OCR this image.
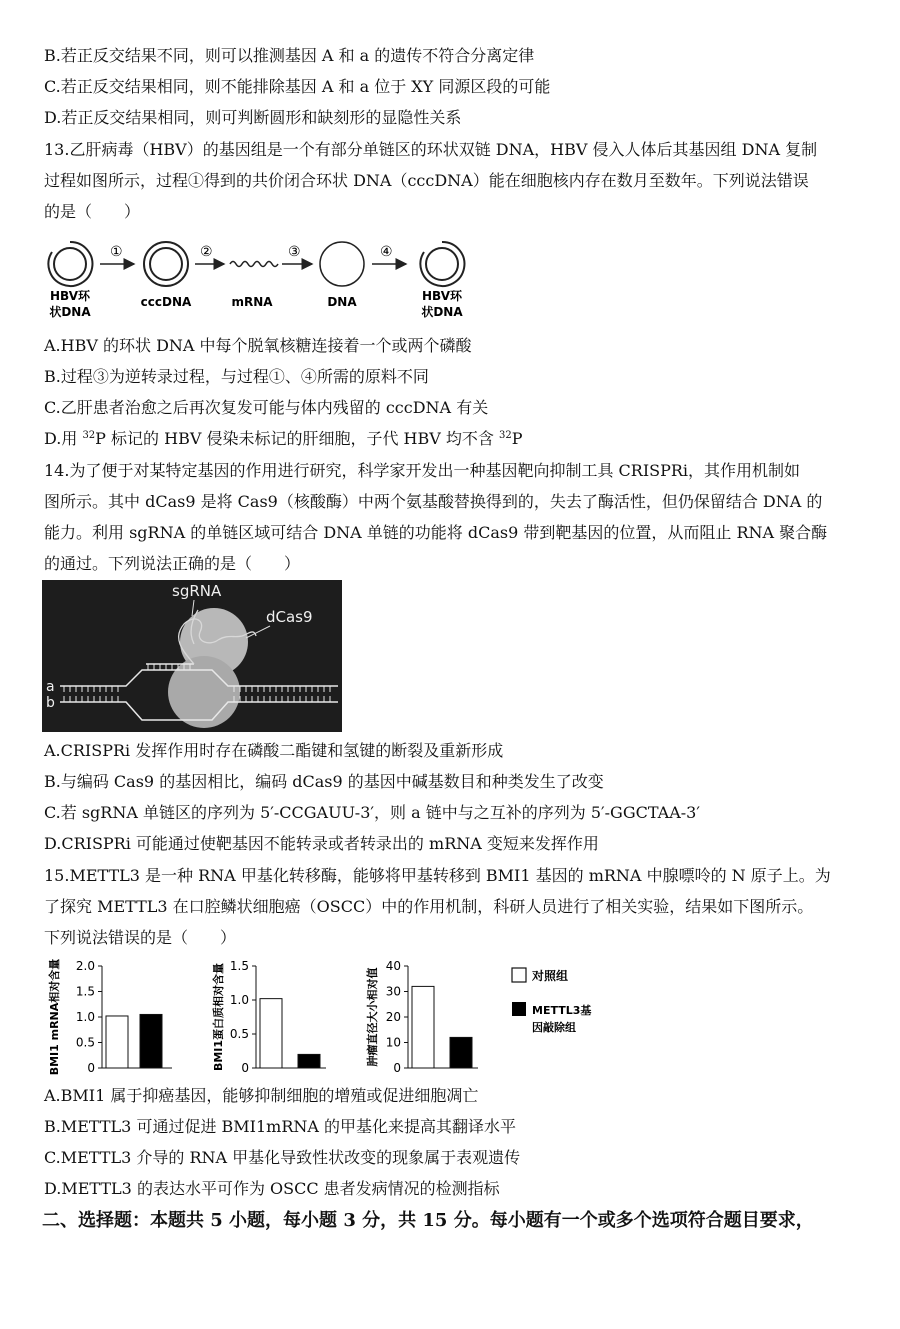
B.若正反交结果不同，则可以推测基因 A 和 a 的遗传不符合分离定律
C.若正反交结果相同，则不能排除基因 A 和 a 位于 XY 同源区段的可能
D.若正反交结果相同，则可判断圆形和缺刻形的显隐性关系
13.乙肝病毒（HBV）的基因组是一个有部分单链区的环状双链 DNA，HBV 侵入人体后其基因组 DNA 复制
过程如图所示，过程①得到的共价闭合环状 DNA（cccDNA）能在细胞核内存在数月至数年。下列说法错误
的是（　　）
①	②	③	④
HBV环
状DNA
cccDNA	mRNA	DNA	HBV环
状DNA
A.HBV 的环状 DNA 中每个脱氧核糖连接着一个或两个磷酸
B.过程③为逆转录过程，与过程①、④所需的原料不同
C.乙肝患者治愈之后再次复发可能与体内残留的 cccDNA 有关
D.用 $^{32}$P 标记的 HBV 侵染未标记的肝细胞，子代 HBV 均不含 $^{32}$P
14.为了便于对某特定基因的作用进行研究，科学家开发出一种基因靶向抑制工具 CRISPRi，其作用机制如
图所示。其中 dCas9 是将 Cas9（核酸酶）中两个氨基酸替换得到的，失去了酶活性，但仍保留结合 DNA 的
能力。利用 sgRNA 的单链区域可结合 DNA 单链的功能将 dCas9 带到靶基因的位置，从而阻止 RNA 聚合酶
的通过。下列说法正确的是（　　）
sgRNA
dCas9
a
b
A.CRISPRi 发挥作用时存在磷酸二酯键和氢键的断裂及重新形成
B.与编码 Cas9 的基因相比，编码 dCas9 的基因中碱基数目和种类发生了改变
C.若 sgRNA 单链区的序列为 5′-CCGAUU-3′，则 a 链中与之互补的序列为 5′-GGCTAA-3′
D.CRISPRi 可能通过使靶基因不能转录或者转录出的 mRNA 变短来发挥作用
15.METTL3 是一种 RNA 甲基化转移酶，能够将甲基转移到 BMI1 基因的 mRNA 中腺嘌呤的 N 原子上。为
了探究 METTL3 在口腔鳞状细胞癌（OSCC）中的作用机制，科研人员进行了相关实验，结果如下图所示。
下列说法错误的是（　　）
BMI1 mRNA相对含量 2.0
1.5
1.0
0.5
0	BMI1蛋白质相对含量 1.5
1.0
0.5
0
肿瘤直径大小相对值
40
30
20
10
0
对照组
METTL3基
因敲除组
A.BMI1 属于抑癌基因，能够抑制细胞的增殖或促进细胞凋亡
B.METTL3 可通过促进 BMI1mRNA 的甲基化来提高其翻译水平
C.METTL3 介导的 RNA 甲基化导致性状改变的现象属于表观遗传
D.METTL3 的表达水平可作为 OSCC 患者发病情况的检测指标
二、选择题：本题共 5 小题，每小题 3 分，共 15 分。每小题有一个或多个选项符合题目要求，
